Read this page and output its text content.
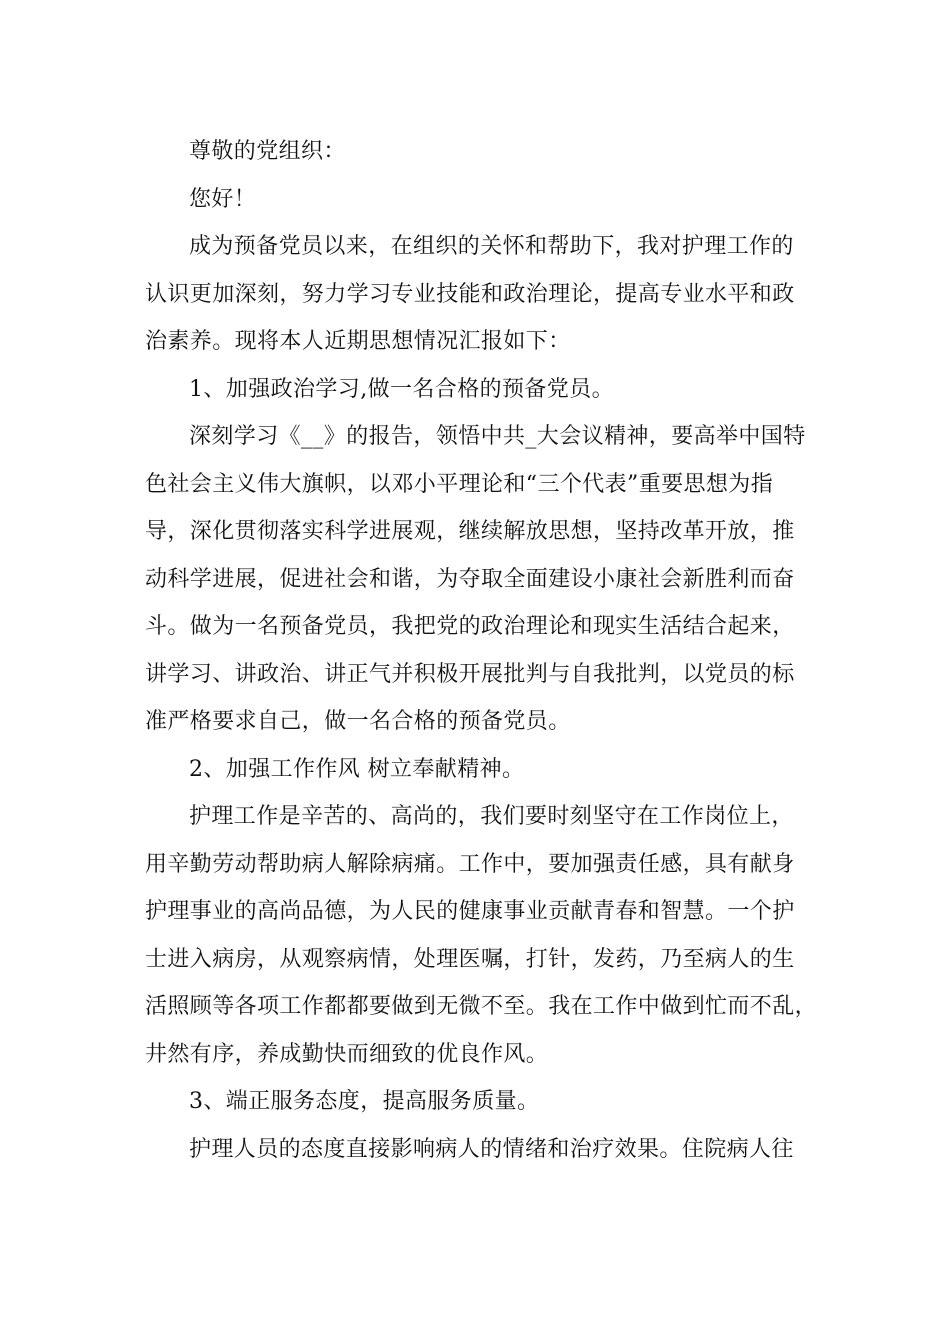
尊敬的党组织：
您好！
成为预备党员以来，在组织的关怀和帮助下，我对护理工作的
认识更加深刻，努力学习专业技能和政治理论，提高专业水平和政
治素养。现将本人近期思想情况汇报如下：
1、加强政治学习,做一名合格的预备党员。
深刻学习《__》的报告，领悟中共_大会议精神，要高举中国特
色社会主义伟大旗帜，以邓小平理论和“三个代表”重要思想为指
导，深化贯彻落实科学进展观，继续解放思想，坚持改革开放，推
动科学进展，促进社会和谐，为夺取全面建设小康社会新胜利而奋
斗。做为一名预备党员，我把党的政治理论和现实生活结合起来，
讲学习、讲政治、讲正气并积极开展批判与自我批判，以党员的标
准严格要求自己，做一名合格的预备党员。
2、加强工作作风 树立奉献精神。
护理工作是辛苦的、高尚的，我们要时刻坚守在工作岗位上，
用辛勤劳动帮助病人解除病痛。工作中，要加强责任感，具有献身
护理事业的高尚品德，为人民的健康事业贡献青春和智慧。一个护
士进入病房，从观察病情，处理医嘱，打针，发药，乃至病人的生
活照顾等各项工作都都要做到无微不至。我在工作中做到忙而不乱，
井然有序，养成勤快而细致的优良作风。
3、端正服务态度，提高服务质量。
护理人员的态度直接影响病人的情绪和治疗效果。住院病人往
